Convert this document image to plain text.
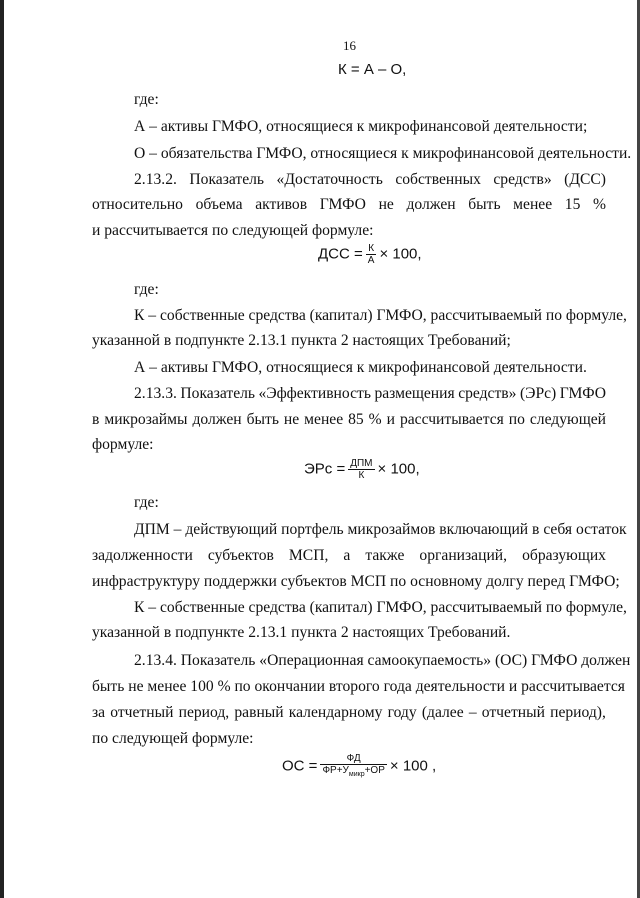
16
К = А – О,
где:
А – активы ГМФО, относящиеся к микрофинансовой деятельности;
О – обязательства ГМФО, относящиеся к микрофинансовой деятельности.
2.13.2. Показатель «Достаточность собственных средств» (ДСС)
относительно объема активов ГМФО не должен быть менее 15 %
и рассчитывается по следующей формуле:
ДСС = $\frac{К}{А} \times 100$,
где:
К – собственные средства (капитал) ГМФО, рассчитываемый по формуле,
указанной в подпункте 2.13.1 пункта 2 настоящих Требований;
А – активы ГМФО, относящиеся к микрофинансовой деятельности.
2.13.3. Показатель «Эффективность размещения средств» (ЭРс) ГМФО
в микрозаймы должен быть не менее 85 % и рассчитывается по следующей
формуле:
ЭРс = $\frac{\text{ДПМ}}{К} \times 100$,
где:
ДПМ – действующий портфель микрозаймов включающий в себя остаток
задолженности субъектов МСП, а также организаций, образующих
инфраструктуру поддержки субъектов МСП по основному долгу перед ГМФО;
К – собственные средства (капитал) ГМФО, рассчитываемый по формуле,
указанной в подпункте 2.13.1 пункта 2 настоящих Требований.
2.13.4. Показатель «Операционная самоокупаемость» (ОС) ГМФО должен
быть не менее 100 % по окончании второго года деятельности и рассчитывается
за отчетный период, равный календарному году (далее – отчетный период),
по следующей формуле:
ОС = $\frac{ФД}{ФР+У_{микр}+ОР} \times 100$ ,
